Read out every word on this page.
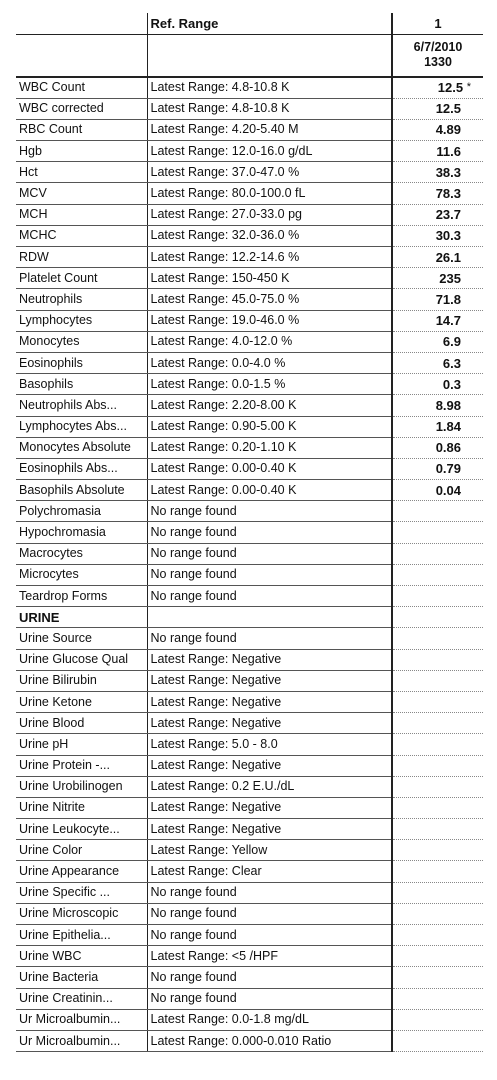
	Ref. Range	1
		6/7/2010
1330
WBC Count	Latest Range: 4.8-10.8 K	12.5 *
WBC corrected	Latest Range: 4.8-10.8 K	12.5
RBC Count	Latest Range: 4.20-5.40 M	4.89
Hgb	Latest Range: 12.0-16.0 g/dL	11.6
Hct	Latest Range: 37.0-47.0 %	38.3
MCV	Latest Range: 80.0-100.0 fL	78.3
MCH	Latest Range: 27.0-33.0 pg	23.7
MCHC	Latest Range: 32.0-36.0 %	30.3
RDW	Latest Range: 12.2-14.6 %	26.1
Platelet Count	Latest Range: 150-450 K	235
Neutrophils	Latest Range: 45.0-75.0 %	71.8
Lymphocytes	Latest Range: 19.0-46.0 %	14.7
Monocytes	Latest Range: 4.0-12.0 %	6.9
Eosinophils	Latest Range: 0.0-4.0 %	6.3
Basophils	Latest Range: 0.0-1.5 %	0.3
Neutrophils Abs...	Latest Range: 2.20-8.00 K	8.98
Lymphocytes Abs...	Latest Range: 0.90-5.00 K	1.84
Monocytes Absolute	Latest Range: 0.20-1.10 K	0.86
Eosinophils Abs...	Latest Range: 0.00-0.40 K	0.79
Basophils Absolute	Latest Range: 0.00-0.40 K	0.04
Polychromasia	No range found	
Hypochromasia	No range found	
Macrocytes	No range found	
Microcytes	No range found	
Teardrop Forms	No range found	
URINE		
Urine Source	No range found	
Urine Glucose Qual	Latest Range: Negative	
Urine Bilirubin	Latest Range: Negative	
Urine Ketone	Latest Range: Negative	
Urine Blood	Latest Range: Negative	
Urine pH	Latest Range: 5.0 - 8.0	
Urine Protein -...	Latest Range: Negative	
Urine Urobilinogen	Latest Range: 0.2 E.U./dL	
Urine Nitrite	Latest Range: Negative	
Urine Leukocyte...	Latest Range: Negative	
Urine Color	Latest Range: Yellow	
Urine Appearance	Latest Range: Clear	
Urine Specific ...	No range found	
Urine Microscopic	No range found	
Urine Epithelia...	No range found	
Urine WBC	Latest Range: <5 /HPF	
Urine Bacteria	No range found	
Urine Creatinin...	No range found	
Ur Microalbumin...	Latest Range: 0.0-1.8 mg/dL	
Ur Microalbumin...	Latest Range: 0.000-0.010 Ratio	
